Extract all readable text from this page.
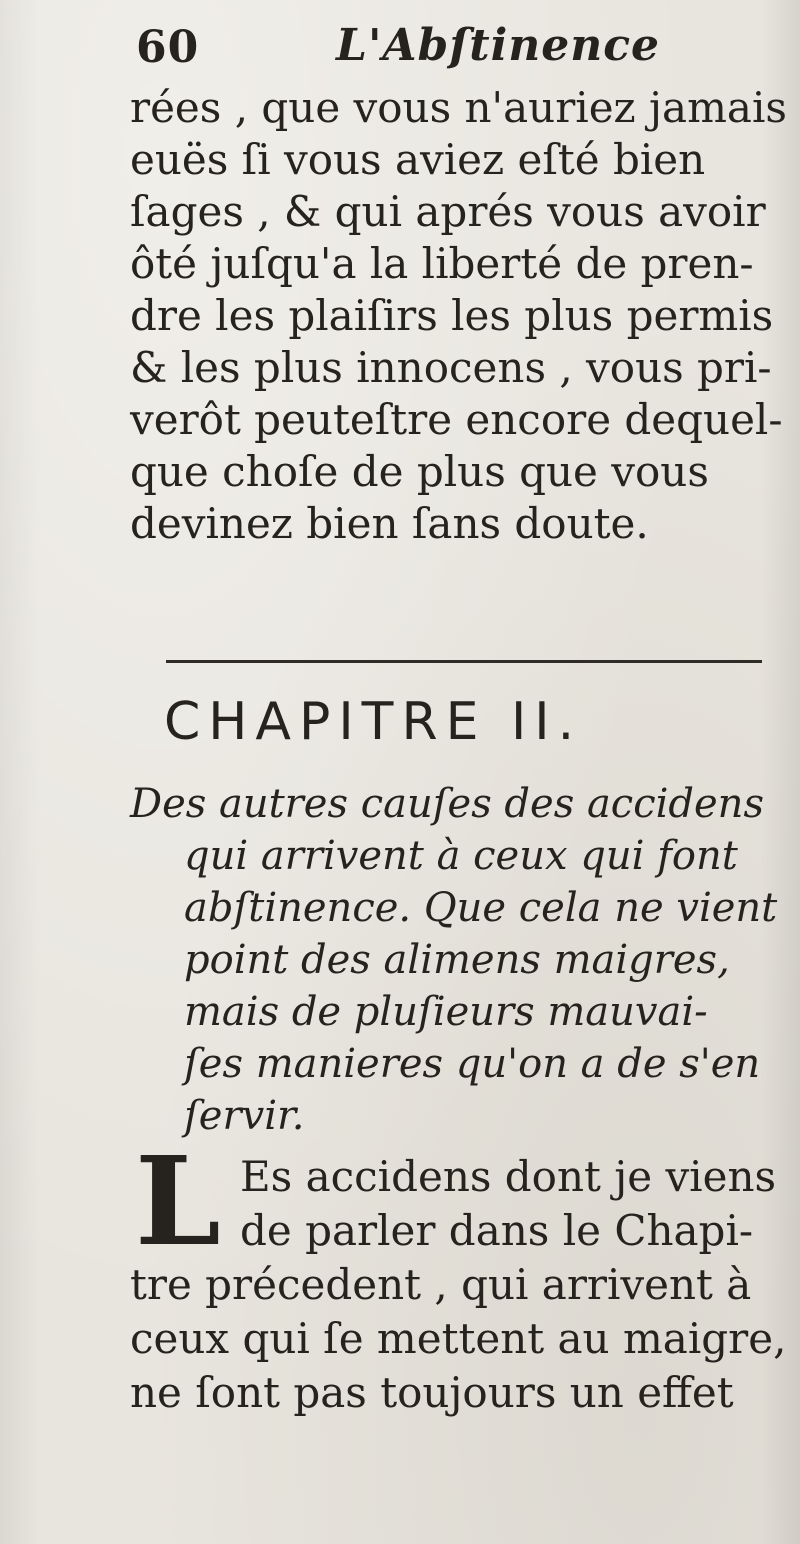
60	L'Abſtinence
rées , que vous n'auriez jamais
euës ſi vous aviez eſté bien
ſages , & qui aprés vous avoir
ôté juſqu'a la liberté de pren-
dre les plaiſirs les plus permis
& les plus innocens , vous pri-
verôt peuteſtre encore dequel-
que choſe de plus que vous
devinez bien ſans doute.
CHAPITRE II.
Des autres cauſes des accidens
qui arrivent à ceux qui font
abſtinence. Que cela ne vient
point des alimens maigres,
mais de pluſieurs mauvai-
ſes manieres qu'on a de s'en
ſervir.
L Es accidens dont je viens
de parler dans le Chapi-
tre précedent , qui arrivent à
ceux qui ſe mettent au maigre,
ne ſont pas toujours un effet
